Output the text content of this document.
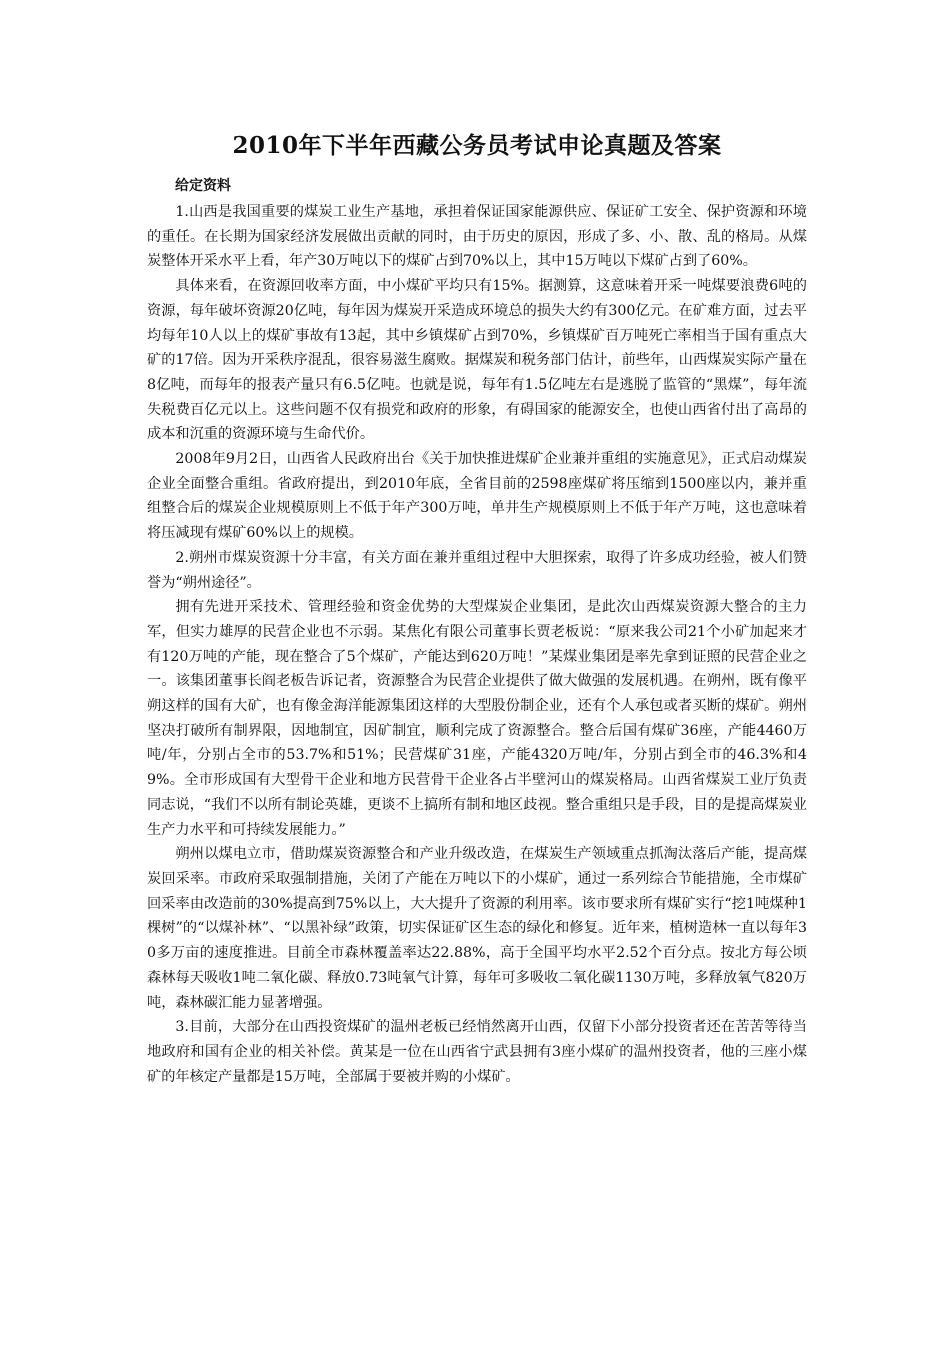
2010年下半年西藏公务员考试申论真题及答案
给定资料

1.山西是我国重要的煤炭工业生产基地，承担着保证国家能源供应、保证矿工安全、保护资源和环境的重任。在长期为国家经济发展做出贡献的同时，由于历史的原因，形成了多、小、散、乱的格局。从煤炭整体开采水平上看，年产30万吨以下的煤矿占到70%以上，其中15万吨以下煤矿占到了60%。

具体来看，在资源回收率方面，中小煤矿平均只有15%。据测算，这意味着开采一吨煤要浪费6吨的资源，每年破坏资源20亿吨，每年因为煤炭开采造成环境总的损失大约有300亿元。在矿难方面，过去平均每年10人以上的煤矿事故有13起，其中乡镇煤矿占到70%，乡镇煤矿百万吨死亡率相当于国有重点大矿的17倍。因为开采秩序混乱，很容易滋生腐败。据煤炭和税务部门估计，前些年，山西煤炭实际产量在8亿吨，而每年的报表产量只有6.5亿吨。也就是说，每年有1.5亿吨左右是逃脱了监管的“黑煤”，每年流失税费百亿元以上。这些问题不仅有损党和政府的形象，有碍国家的能源安全，也使山西省付出了高昂的成本和沉重的资源环境与生命代价。

2008年9月2日，山西省人民政府出台《关于加快推进煤矿企业兼并重组的实施意见》，正式启动煤炭企业全面整合重组。省政府提出，到2010年底，全省目前的2598座煤矿将压缩到1500座以内，兼并重组整合后的煤炭企业规模原则上不低于年产300万吨，单井生产规模原则上不低于年产万吨，这也意味着将压减现有煤矿60%以上的规模。

2.朔州市煤炭资源十分丰富，有关方面在兼并重组过程中大胆探索，取得了许多成功经验，被人们赞誉为“朔州途径”。

拥有先进开采技术、管理经验和资金优势的大型煤炭企业集团，是此次山西煤炭资源大整合的主力军，但实力雄厚的民营企业也不示弱。某焦化有限公司董事长贾老板说：“原来我公司21个小矿加起来才有120万吨的产能，现在整合了5个煤矿，产能达到620万吨！”某煤业集团是率先拿到证照的民营企业之一。该集团董事长阎老板告诉记者，资源整合为民营企业提供了做大做强的发展机遇。在朔州，既有像平朔这样的国有大矿，也有像金海洋能源集团这样的大型股份制企业，还有个人承包或者买断的煤矿。朔州坚决打破所有制界限，因地制宜，因矿制宜，顺利完成了资源整合。整合后国有煤矿36座，产能4460万吨/年，分别占全市的53.7%和51%；民营煤矿31座，产能4320万吨/年，分别占到全市的46.3%和49%。全市形成国有大型骨干企业和地方民营骨干企业各占半壁河山的煤炭格局。山西省煤炭工业厅负责同志说，“我们不以所有制论英雄，更谈不上搞所有制和地区歧视。整合重组只是手段，目的是提高煤炭业生产力水平和可持续发展能力。”

朔州以煤电立市，借助煤炭资源整合和产业升级改造，在煤炭生产领域重点抓淘汰落后产能，提高煤炭回采率。市政府采取强制措施，关闭了产能在万吨以下的小煤矿，通过一系列综合节能措施，全市煤矿回采率由改造前的30%提高到75%以上，大大提升了资源的利用率。该市要求所有煤矿实行“挖1吨煤种1棵树”的“以煤补林”、“以黑补绿”政策，切实保证矿区生态的绿化和修复。近年来，植树造林一直以每年30多万亩的速度推进。目前全市森林覆盖率达22.88%，高于全国平均水平2.52个百分点。按北方每公顷森林每天吸收1吨二氧化碳、释放0.73吨氧气计算，每年可多吸收二氧化碳1130万吨，多释放氧气820万吨，森林碳汇能力显著增强。

3.目前，大部分在山西投资煤矿的温州老板已经悄然离开山西，仅留下小部分投资者还在苦苦等待当地政府和国有企业的相关补偿。黄某是一位在山西省宁武县拥有3座小煤矿的温州投资者，他的三座小煤矿的年核定产量都是15万吨，全部属于要被并购的小煤矿。
